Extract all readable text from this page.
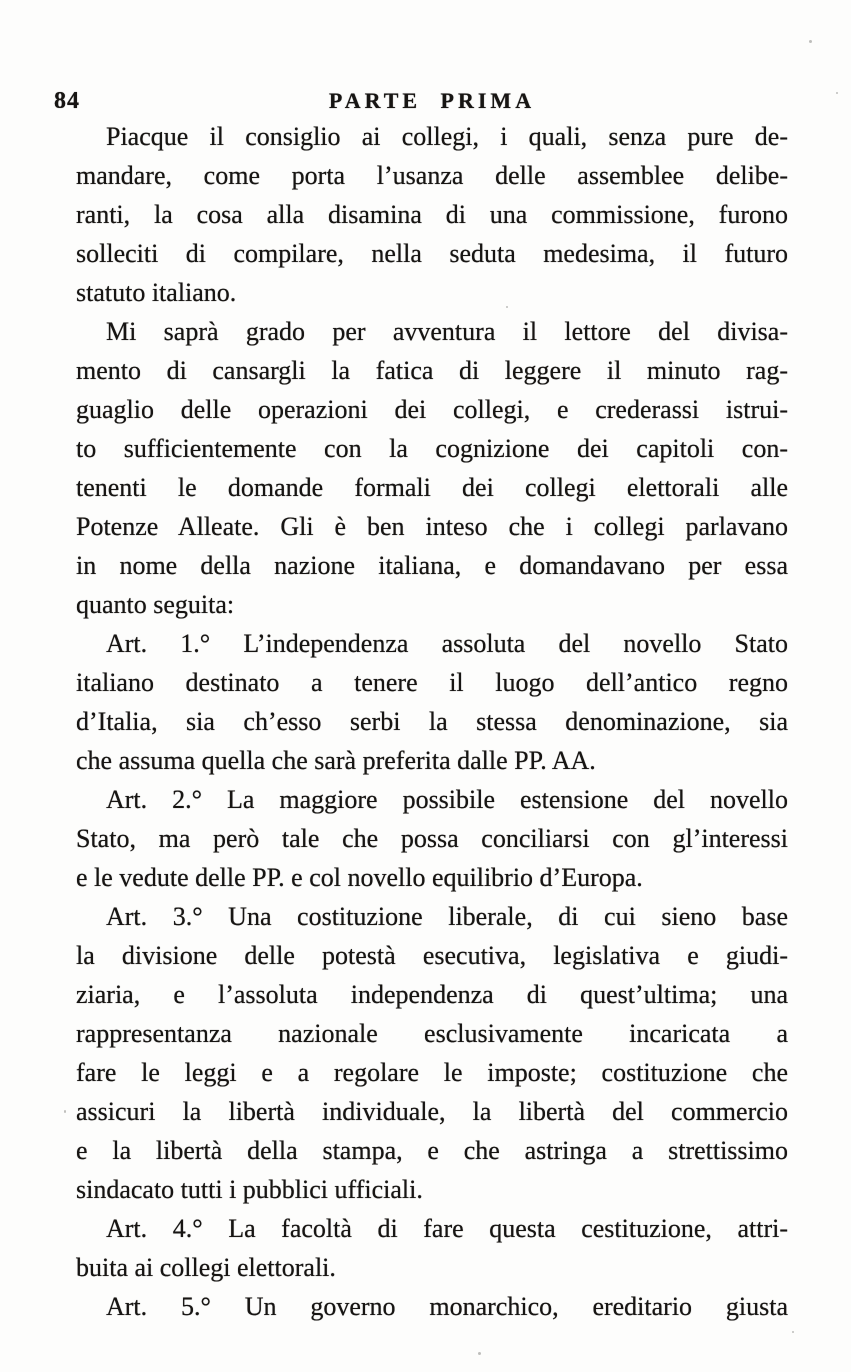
84	PARTE PRIMA
Piacque il consiglio ai collegi, i quali, senza pure de-
mandare, come porta l’usanza delle assemblee delibe-
ranti, la cosa alla disamina di una commissione, furono
solleciti di compilare, nella seduta medesima, il futuro
statuto italiano.
Mi saprà grado per avventura il lettore del divisa-
mento di cansargli la fatica di leggere il minuto rag-
guaglio delle operazioni dei collegi, e crederassi istrui-
to sufficientemente con la cognizione dei capitoli con-
tenenti le domande formali dei collegi elettorali alle
Potenze Alleate. Gli è ben inteso che i collegi parlavano
in nome della nazione italiana, e domandavano per essa
quanto seguita:
Art. 1.° L’independenza assoluta del novello Stato
italiano destinato a tenere il luogo dell’antico regno
d’Italia, sia ch’esso serbi la stessa denominazione, sia
che assuma quella che sarà preferita dalle PP. AA.
Art. 2.° La maggiore possibile estensione del novello
Stato, ma però tale che possa conciliarsi con gl’interessi
e le vedute delle PP. e col novello equilibrio d’Europa.
Art. 3.° Una costituzione liberale, di cui sieno base
la divisione delle potestà esecutiva, legislativa e giudi-
ziaria, e l’assoluta independenza di quest’ultima; una
rappresentanza nazionale esclusivamente incaricata a
fare le leggi e a regolare le imposte; costituzione che
assicuri la libertà individuale, la libertà del commercio
e la libertà della stampa, e che astringa a strettissimo
sindacato tutti i pubblici ufficiali.
Art. 4.° La facoltà di fare questa cestituzione, attri-
buita ai collegi elettorali.
Art. 5.° Un governo monarchico, ereditario giusta
